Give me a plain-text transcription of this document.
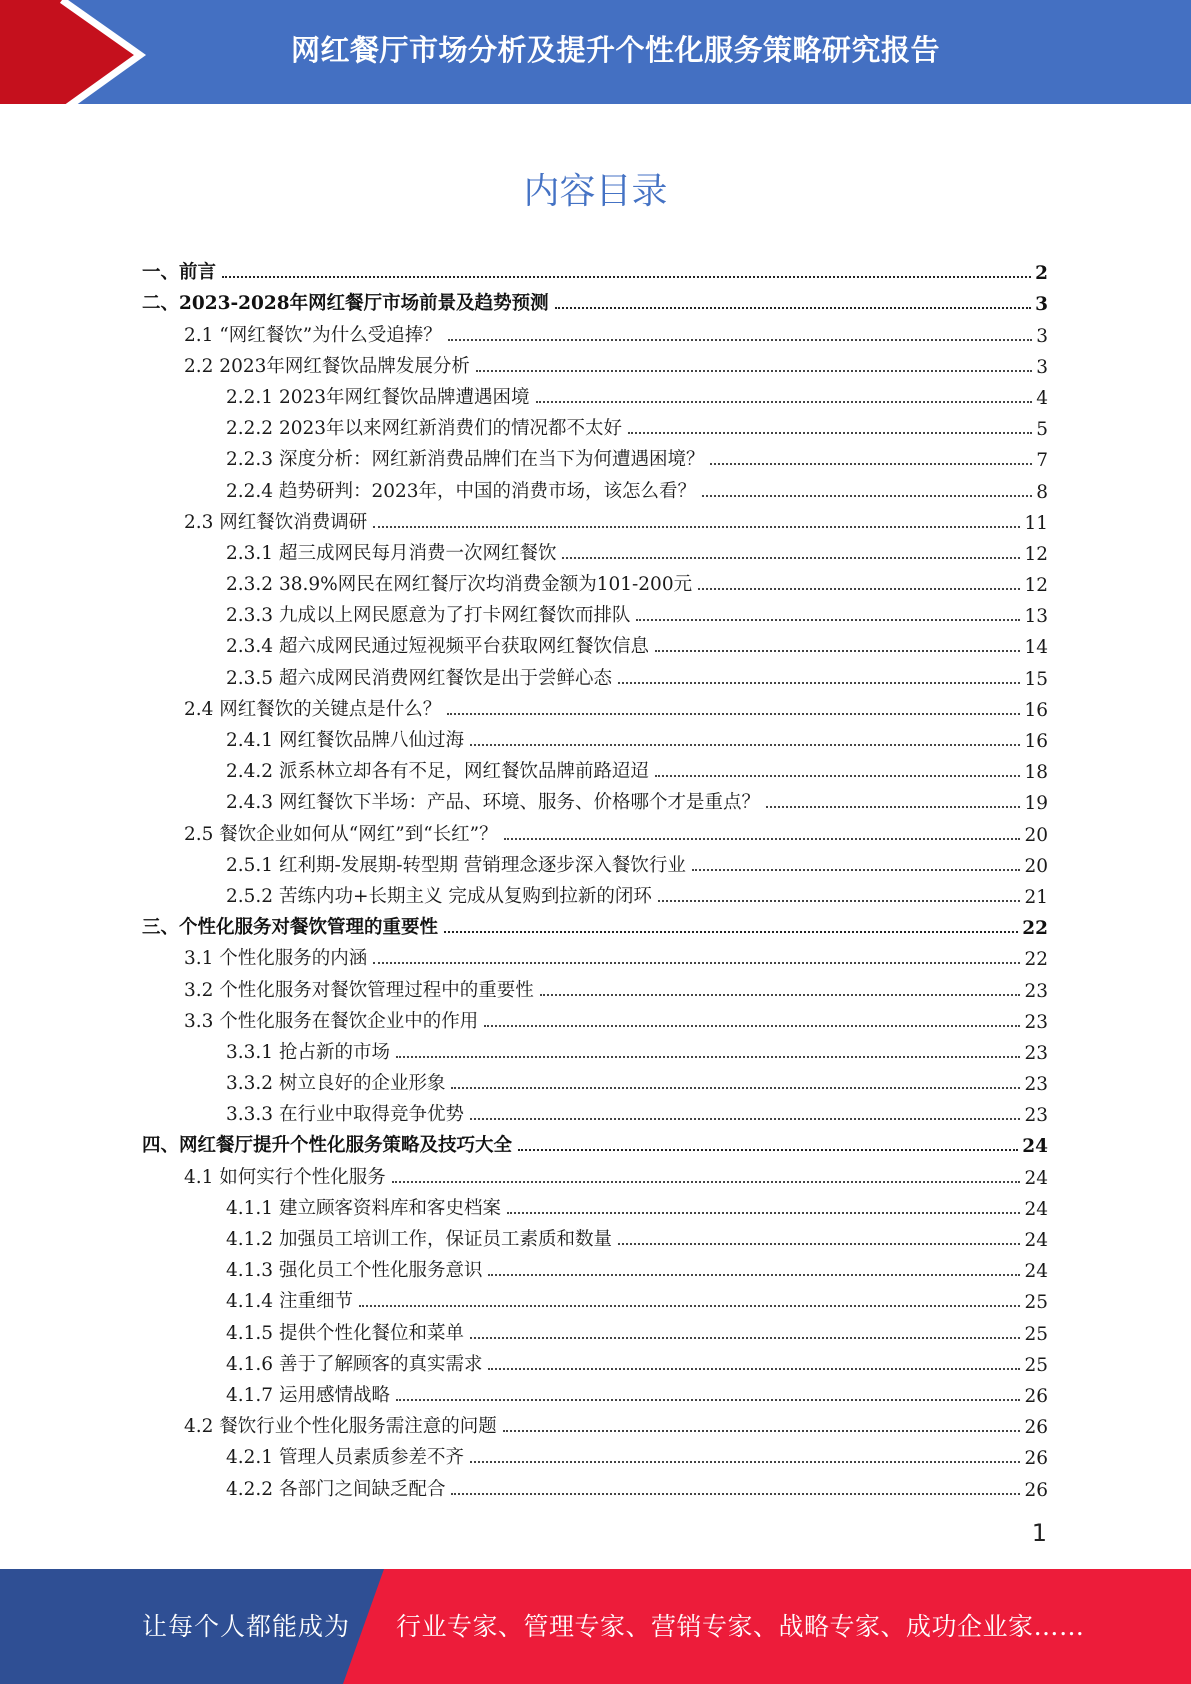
网红餐厅市场分析及提升个性化服务策略研究报告
内容目录
一、前言	2
二、2023-2028年网红餐厅市场前景及趋势预测	3
2.1 “网红餐饮”为什么受追捧？	3
2.2 2023年网红餐饮品牌发展分析	3
2.2.1 2023年网红餐饮品牌遭遇困境	4
2.2.2 2023年以来网红新消费们的情况都不太好	5
2.2.3 深度分析：网红新消费品牌们在当下为何遭遇困境？	7
2.2.4 趋势研判：2023年，中国的消费市场，该怎么看？	8
2.3 网红餐饮消费调研	11
2.3.1 超三成网民每月消费一次网红餐饮	12
2.3.2 38.9%网民在网红餐厅次均消费金额为101-200元	12
2.3.3 九成以上网民愿意为了打卡网红餐饮而排队	13
2.3.4 超六成网民通过短视频平台获取网红餐饮信息	14
2.3.5 超六成网民消费网红餐饮是出于尝鲜心态	15
2.4 网红餐饮的关键点是什么？	16
2.4.1 网红餐饮品牌八仙过海	16
2.4.2 派系林立却各有不足，网红餐饮品牌前路迢迢	18
2.4.3 网红餐饮下半场：产品、环境、服务、价格哪个才是重点？	19
2.5 餐饮企业如何从“网红”到“长红”？	20
2.5.1 红利期-发展期-转型期 营销理念逐步深入餐饮行业	20
2.5.2 苦练内功+长期主义 完成从复购到拉新的闭环	21
三、个性化服务对餐饮管理的重要性	22
3.1 个性化服务的内涵	22
3.2 个性化服务对餐饮管理过程中的重要性	23
3.3 个性化服务在餐饮企业中的作用	23
3.3.1 抢占新的市场	23
3.3.2 树立良好的企业形象	23
3.3.3 在行业中取得竞争优势	23
四、网红餐厅提升个性化服务策略及技巧大全	24
4.1 如何实行个性化服务	24
4.1.1 建立顾客资料库和客史档案	24
4.1.2 加强员工培训工作，保证员工素质和数量	24
4.1.3 强化员工个性化服务意识	24
4.1.4 注重细节	25
4.1.5 提供个性化餐位和菜单	25
4.1.6 善于了解顾客的真实需求	25
4.1.7 运用感情战略	26
4.2 餐饮行业个性化服务需注意的问题	26
4.2.1 管理人员素质参差不齐	26
4.2.2 各部门之间缺乏配合	26
1
让每个人都能成为 行业专家、管理专家、营销专家、战略专家、成功企业家……
